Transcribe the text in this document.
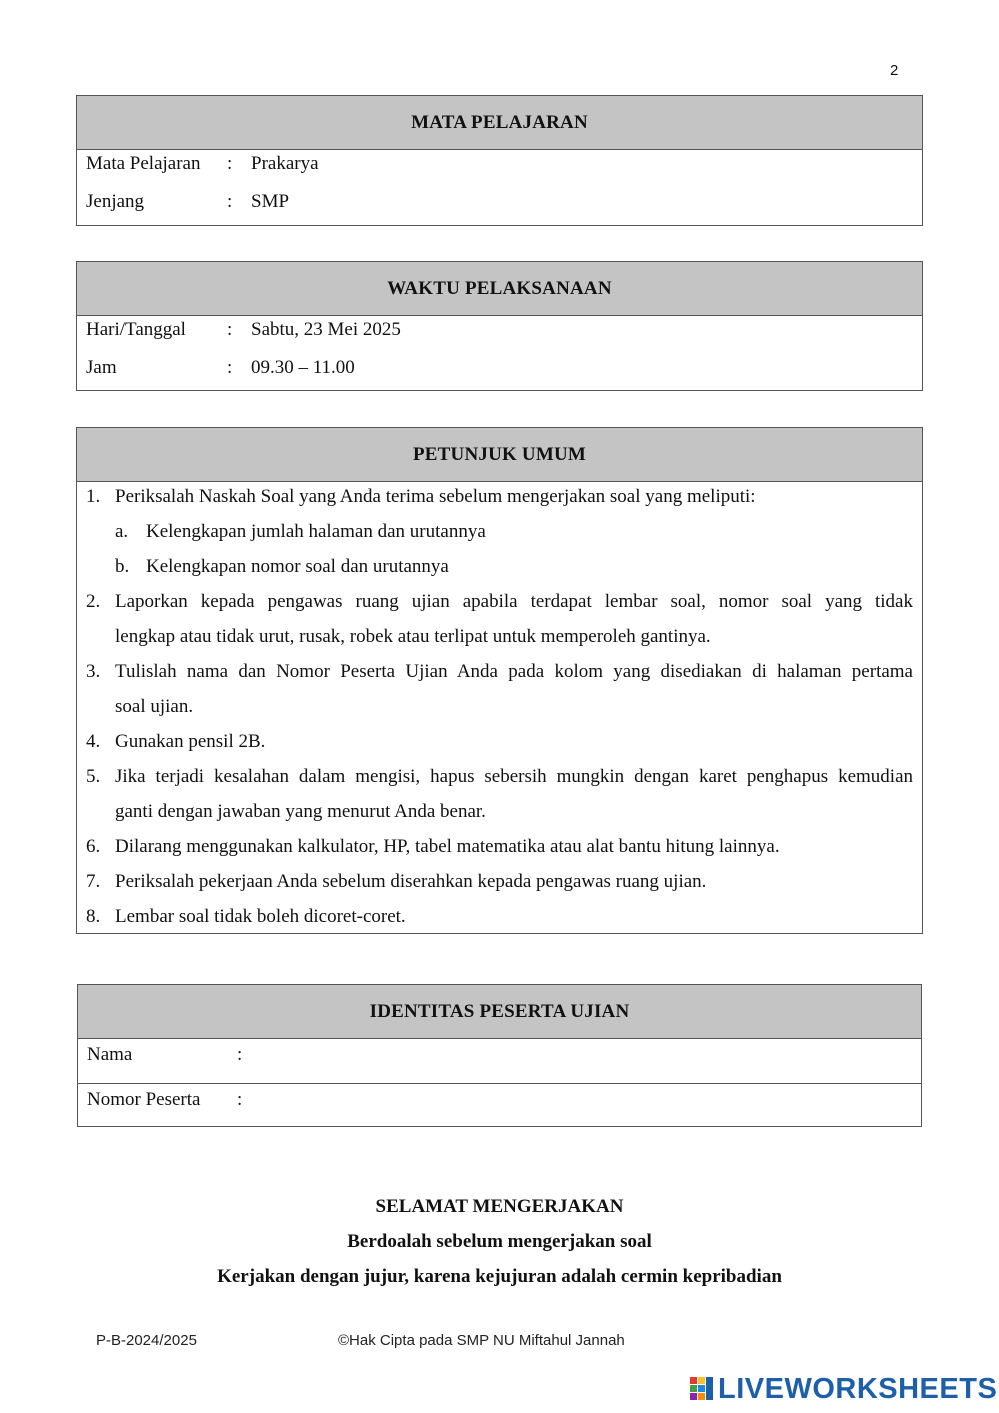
2
MATA PELAJARAN
Mata Pelajaran : Prakarya
Jenjang	: SMP
WAKTU PELAKSANAAN
Hari/Tanggal : Sabtu, 23 Mei 2025
Jam	: 09.30 – 11.00
PETUNJUK UMUM
1. Periksalah Naskah Soal yang Anda terima sebelum mengerjakan soal yang meliputi:
a. Kelengkapan jumlah halaman dan urutannya
b. Kelengkapan nomor soal dan urutannya
2. Laporkan kepada pengawas ruang ujian apabila terdapat lembar soal, nomor soal yang tidak
lengkap atau tidak urut, rusak, robek atau terlipat untuk memperoleh gantinya.
3. Tulislah nama dan Nomor Peserta Ujian Anda pada kolom yang disediakan di halaman pertama
soal ujian.
4. Gunakan pensil 2B.
5. Jika terjadi kesalahan dalam mengisi, hapus sebersih mungkin dengan karet penghapus kemudian
ganti dengan jawaban yang menurut Anda benar.
6. Dilarang menggunakan kalkulator, HP, tabel matematika atau alat bantu hitung lainnya.
7. Periksalah pekerjaan Anda sebelum diserahkan kepada pengawas ruang ujian.
8. Lembar soal tidak boleh dicoret-coret.
IDENTITAS PESERTA UJIAN
Nama	:
Nomor Peserta :
SELAMAT MENGERJAKAN
Berdoalah sebelum mengerjakan soal
Kerjakan dengan jujur, karena kejujuran adalah cermin kepribadian
P-B-2024/2025	©Hak Cipta pada SMP NU Miftahul Jannah
LIVEWORKSHEETS
